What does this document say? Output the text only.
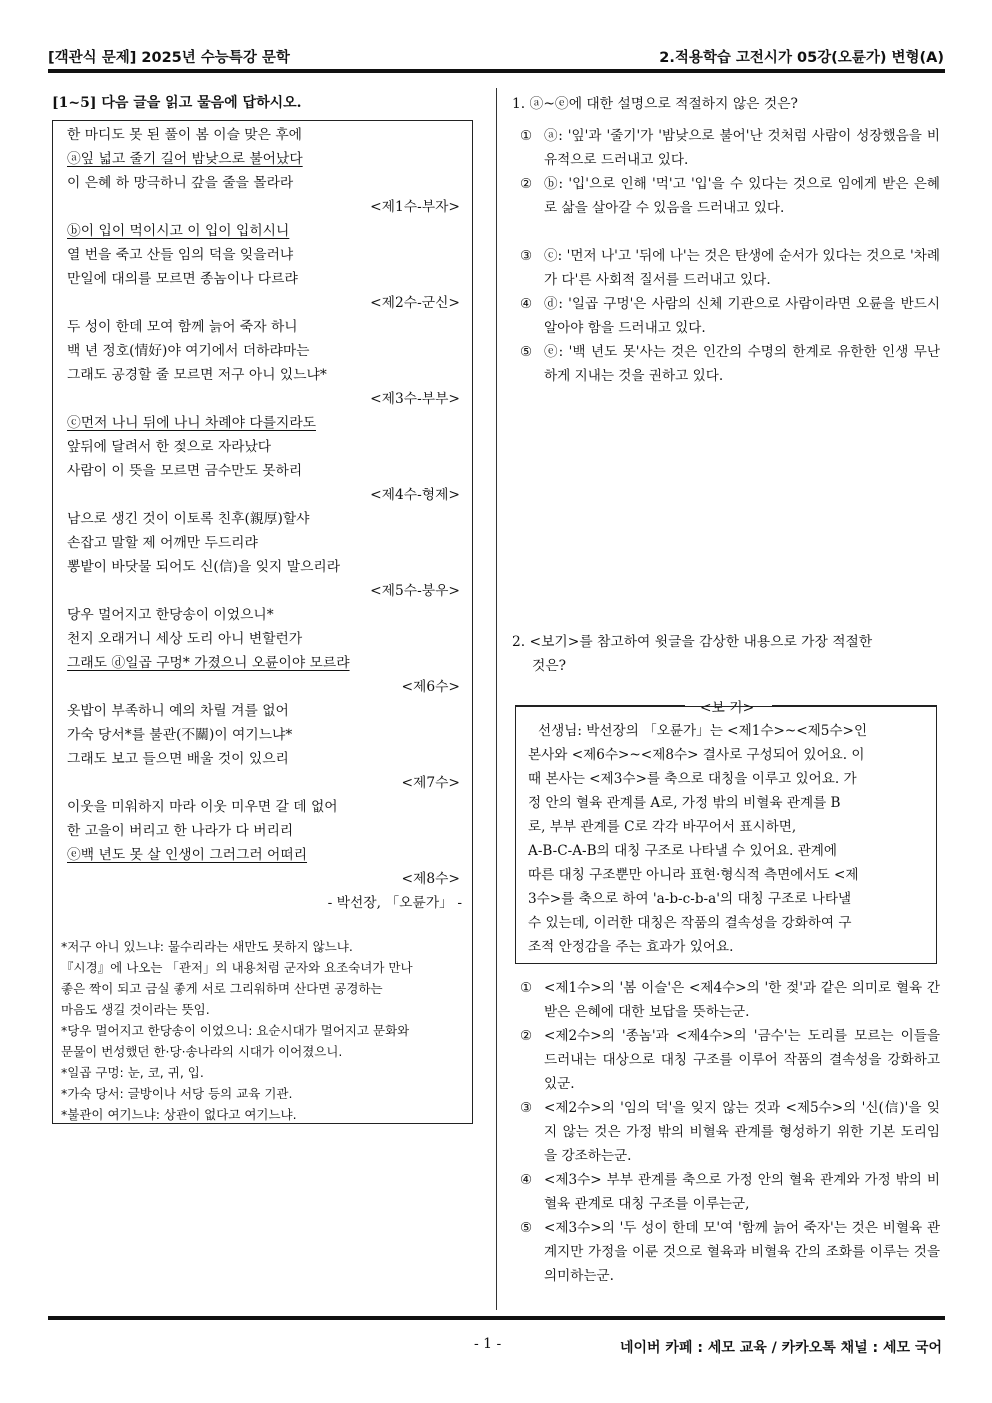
[객관식 문제] 2025년 수능특강 문학	2.적용학습 고전시가 05강(오륜가) 변형(A)
[1~5] 다음 글을 읽고 물음에 답하시오.
한 마디도 못 된 풀이 봄 이슬 맞은 후에
ⓐ잎 넓고 줄기 길어 밤낮으로 불어났다
이 은혜 하 망극하니 갚을 줄을 몰라라
<제1수-부자>
ⓑ이 입이 먹이시고 이 입이 입히시니
열 번을 죽고 산들 임의 덕을 잊을러냐
만일에 대의를 모르면 종놈이나 다르랴
<제2수-군신>
두 성이 한데 모여 함께 늙어 죽자 하니
백 년 정호(情好)야 여기에서 더하랴마는
그래도 공경할 줄 모르면 저구 아니 있느냐*
<제3수-부부>
ⓒ먼저 나니 뒤에 나니 차례야 다를지라도
앞뒤에 달려서 한 젖으로 자라났다
사람이 이 뜻을 모르면 금수만도 못하리
<제4수-형제>
남으로 생긴 것이 이토록 친후(親厚)할샤
손잡고 말할 제 어깨만 두드리랴
뽕밭이 바닷물 되어도 신(信)을 잊지 말으리라
<제5수-붕우>
당우 멀어지고 한당송이 이었으니*
천지 오래거니 세상 도리 아니 변할런가
그래도 ⓓ일곱 구멍* 가졌으니 오륜이야 모르랴
<제6수>
옷밥이 부족하니 예의 차릴 겨를 없어
가숙 당서*를 불관(不關)이 여기느냐*
그래도 보고 들으면 배울 것이 있으리
<제7수>
이웃을 미워하지 마라 이웃 미우면 갈 데 없어
한 고을이 버리고 한 나라가 다 버리리
ⓔ백 년도 못 살 인생이 그러그러 어떠리
<제8수>
- 박선장, 「오륜가」 -
*저구 아니 있느냐: 물수리라는 새만도 못하지 않느냐.
『시경』에 나오는 「관저」의 내용처럼 군자와 요조숙녀가 만나
좋은 짝이 되고 금실 좋게 서로 그리워하며 산다면 공경하는
마음도 생길 것이라는 뜻임.
*당우 멀어지고 한당송이 이었으니: 요순시대가 멀어지고 문화와
문물이 번성했던 한·당·송나라의 시대가 이어졌으니.
*일곱 구멍: 눈, 코, 귀, 입.
*가숙 당서: 글방이나 서당 등의 교육 기관.
*불관이 여기느냐: 상관이 없다고 여기느냐.
1. ⓐ~ⓔ에 대한 설명으로 적절하지 않은 것은?
① ⓐ: '잎'과 '줄기'가 '밤낮으로 불어'난 것처럼 사람이 성장했음을 비유적으로 드러내고 있다.
② ⓑ: '입'으로 인해 '먹'고 '입'을 수 있다는 것으로 임에게 받은 은혜로 삶을 살아갈 수 있음을 드러내고 있다.
③ ⓒ: '먼저 나'고 '뒤에 나'는 것은 탄생에 순서가 있다는 것으로 '차례가 다'른 사회적 질서를 드러내고 있다.
④ ⓓ: '일곱 구멍'은 사람의 신체 기관으로 사람이라면 오륜을 반드시 알아야 함을 드러내고 있다.
⑤ ⓔ: '백 년도 못'사는 것은 인간의 수명의 한계로 유한한 인생 무난하게 지내는 것을 권하고 있다.
2. <보기>를 참고하여 윗글을 감상한 내용으로 가장 적절한
것은?
<보 기>
선생님: 박선장의 「오륜가」는 <제1수>~<제5수>인
본사와 <제6수>~<제8수> 결사로 구성되어 있어요. 이
때 본사는 <제3수>를 축으로 대칭을 이루고 있어요. 가
정 안의 혈육 관계를 A로, 가정 밖의 비혈육 관계를 B
로, 부부 관계를 C로 각각 바꾸어서 표시하면,
A-B-C-A-B의 대칭 구조로 나타낼 수 있어요. 관계에
따른 대칭 구조뿐만 아니라 표현·형식적 측면에서도 <제
3수>를 축으로 하여 'a-b-c-b-a'의 대칭 구조로 나타낼
수 있는데, 이러한 대칭은 작품의 결속성을 강화하여 구
조적 안정감을 주는 효과가 있어요.
① <제1수>의 '봄 이슬'은 <제4수>의 '한 젖'과 같은 의미로 혈육 간 받은 은혜에 대한 보답을 뜻하는군.
② <제2수>의 '종놈'과 <제4수>의 '금수'는 도리를 모르는 이들을 드러내는 대상으로 대칭 구조를 이루어 작품의 결속성을 강화하고 있군.
③ <제2수>의 '임의 덕'을 잊지 않는 것과 <제5수>의 '신(信)'을 잊지 않는 것은 가정 밖의 비혈육 관계를 형성하기 위한 기본 도리임을 강조하는군.
④ <제3수> 부부 관계를 축으로 가정 안의 혈육 관계와 가정 밖의 비혈육 관계로 대칭 구조를 이루는군,
⑤ <제3수>의 '두 성이 한데 모'여 '함께 늙어 죽자'는 것은 비혈육 관계지만 가정을 이룬 것으로 혈육과 비혈육 간의 조화를 이루는 것을 의미하는군.
- 1 -	네이버 카페 : 세모 교육 / 카카오톡 채널 : 세모 국어
